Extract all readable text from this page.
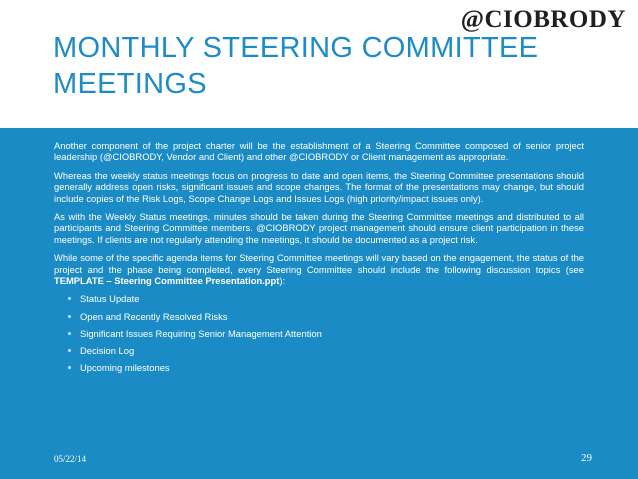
@CIOBRODY
MONTHLY STEERING COMMITTEE MEETINGS

Another component of the project charter will be the establishment of a Steering Committee composed of senior project leadership (@CIOBRODY, Vendor and Client) and other @CIOBRODY or Client management as appropriate.

Whereas the weekly status meetings focus on progress to date and open items, the Steering Committee presentations should generally address open risks, significant issues and scope changes. The format of the presentations may change, but should include copies of the Risk Logs, Scope Change Logs and Issues Logs (high priority/impact issues only).

As with the Weekly Status meetings, minutes should be taken during the Steering Committee meetings and distributed to all participants and Steering Committee members. @CIOBRODY project management should ensure client participation in these meetings. If clients are not regularly attending the meetings, it should be documented as a project risk.

While some of the specific agenda items for Steering Committee meetings will vary based on the engagement, the status of the project and the phase being completed, every Steering Committee should include the following discussion topics (see TEMPLATE – Steering Committee Presentation.ppt):

Status Update
Open and Recently Resolved Risks
Significant Issues Requiring Senior Management Attention
Decision Log
Upcoming milestones
05/22/14	29
